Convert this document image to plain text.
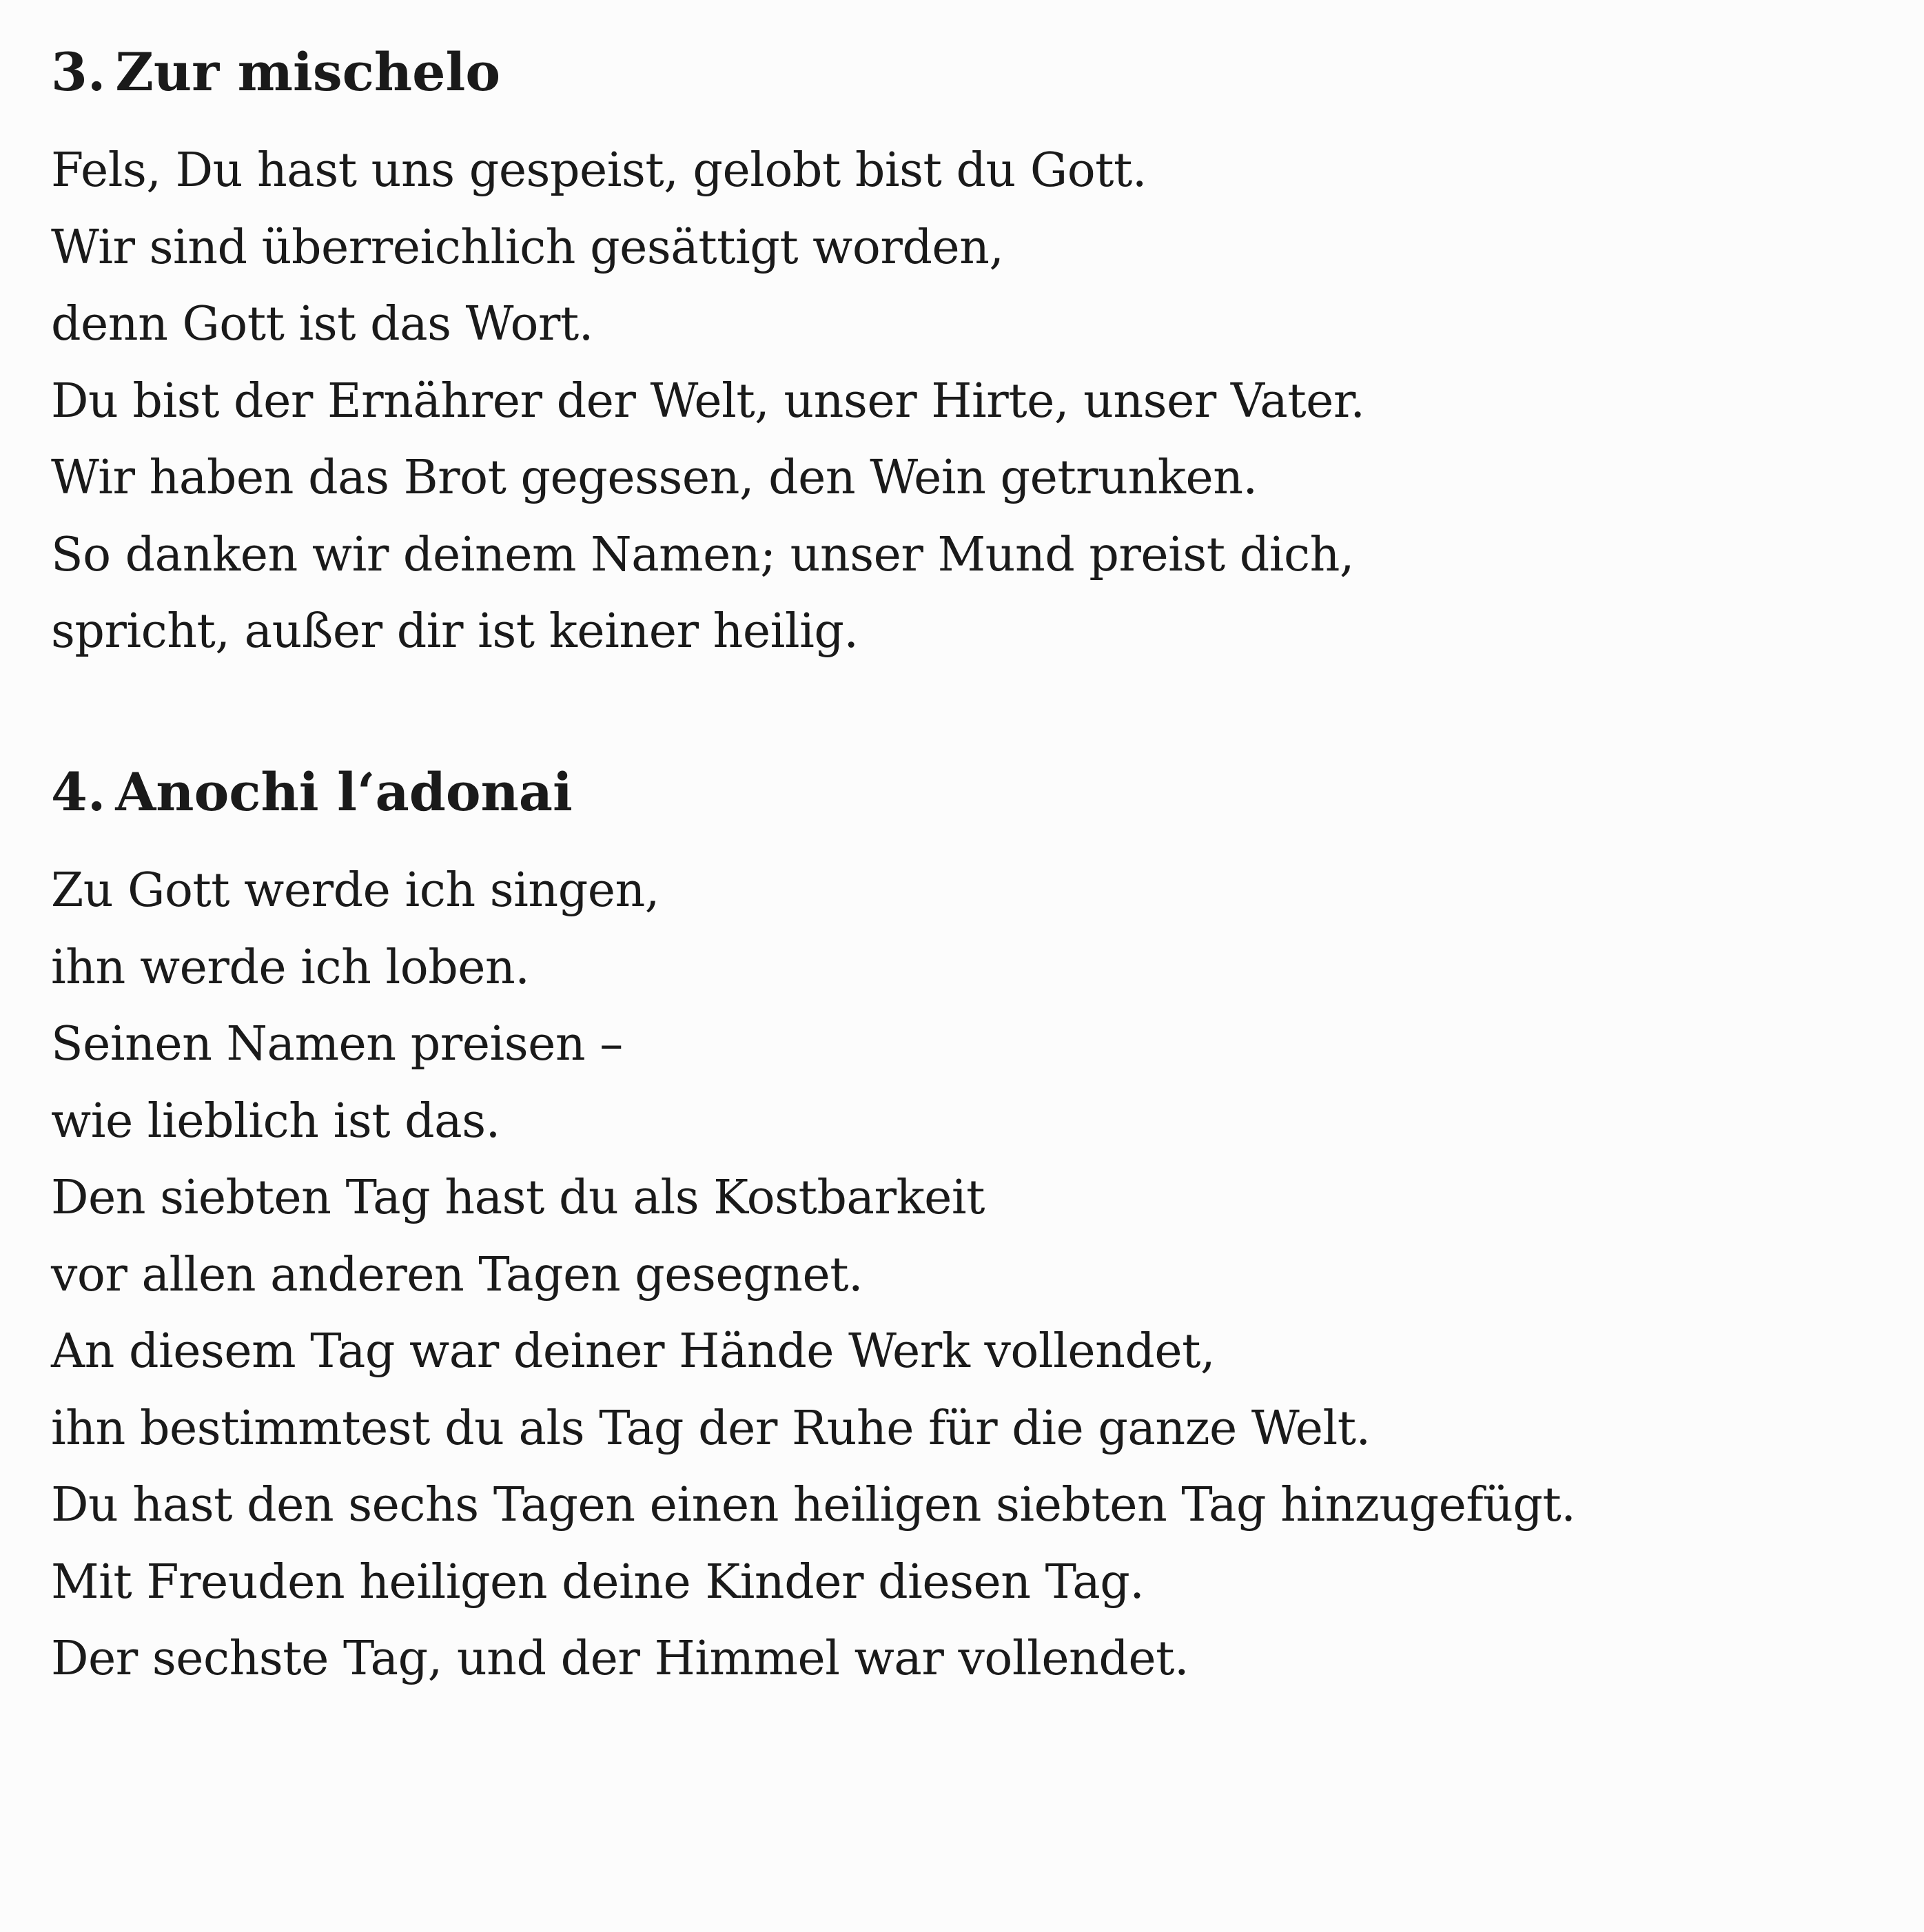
3. Zur mischelo
Fels, Du hast uns gespeist, gelobt bist du Gott.
Wir sind überreichlich gesättigt worden,
denn Gott ist das Wort.
Du bist der Ernährer der Welt, unser Hirte, unser Vater.
Wir haben das Brot gegessen, den Wein getrunken.
So danken wir deinem Namen; unser Mund preist dich,
spricht, außer dir ist keiner heilig.
4. Anochi l‘adonai
Zu Gott werde ich singen,
ihn werde ich loben.
Seinen Namen preisen –
wie lieblich ist das.
Den siebten Tag hast du als Kostbarkeit
vor allen anderen Tagen gesegnet.
An diesem Tag war deiner Hände Werk vollendet,
ihn bestimmtest du als Tag der Ruhe für die ganze Welt.
Du hast den sechs Tagen einen heiligen siebten Tag hinzugefügt.
Mit Freuden heiligen deine Kinder diesen Tag.
Der sechste Tag, und der Himmel war vollendet.
